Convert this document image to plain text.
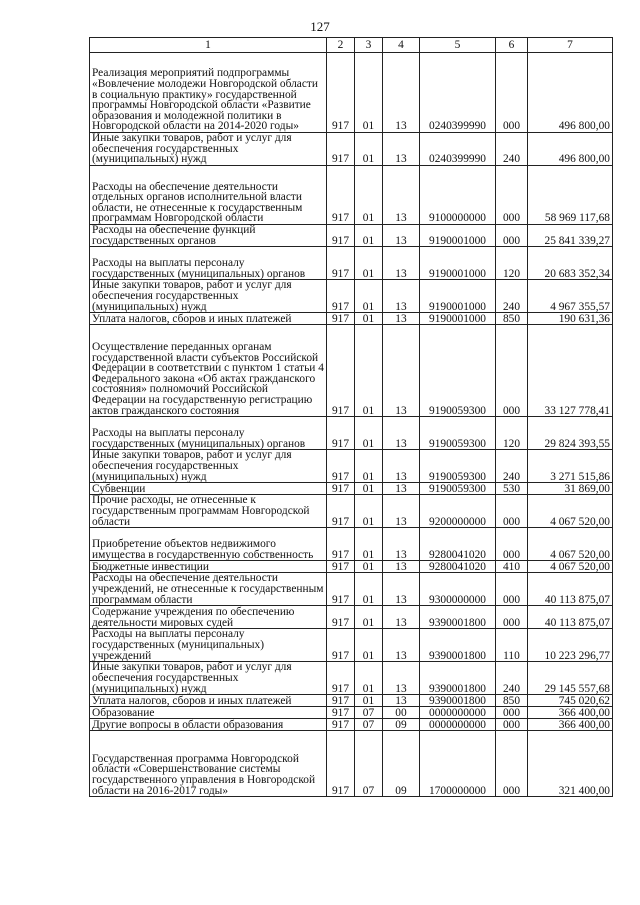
127
1	2	3	4	5	6	7
Реализация мероприятий подпрограммы «Вовлечение молодежи Новгородской области в социальную практику» государственной программы Новгородской области «Развитие образования и молодежной политики в Новгородской области на 2014-2020 годы»	917	01	13	0240399990	000	496 800,00
Иные закупки товаров, работ и услуг для обеспечения государственных (муниципальных) нужд	917	01	13	0240399990	240	496 800,00
Расходы на обеспечение деятельности отдельных органов исполнительной власти области, не отнесенные к государственным программам Новгородской области	917	01	13	9100000000	000	58 969 117,68
Расходы на обеспечение функций государственных органов	917	01	13	9190001000	000	25 841 339,27
Расходы на выплаты персоналу государственных (муниципальных) органов	917	01	13	9190001000	120	20 683 352,34
Иные закупки товаров, работ и услуг для обеспечения государственных (муниципальных) нужд	917	01	13	9190001000	240	4 967 355,57
Уплата налогов, сборов и иных платежей	917	01	13	9190001000	850	190 631,36
Осуществление переданных органам государственной власти субъектов Российской Федерации в соответствии с пунктом 1 статьи 4 Федерального закона «Об актах гражданского состояния» полномочий Российской Федерации на государственную регистрацию актов гражданского состояния	917	01	13	9190059300	000	33 127 778,41
Расходы на выплаты персоналу государственных (муниципальных) органов	917	01	13	9190059300	120	29 824 393,55
Иные закупки товаров, работ и услуг для обеспечения государственных (муниципальных) нужд	917	01	13	9190059300	240	3 271 515,86
Субвенции	917	01	13	9190059300	530	31 869,00
Прочие расходы, не отнесенные к государственным программам Новгородской области	917	01	13	9200000000	000	4 067 520,00
Приобретение объектов недвижимого имущества в государственную собственность	917	01	13	9280041020	000	4 067 520,00
Бюджетные инвестиции	917	01	13	9280041020	410	4 067 520,00
Расходы на обеспечение деятельности учреждений, не отнесенные к государственным программам области	917	01	13	9300000000	000	40 113 875,07
Содержание учреждения по обеспечению деятельности мировых судей	917	01	13	9390001800	000	40 113 875,07
Расходы на выплаты персоналу государственных (муниципальных) учреждений	917	01	13	9390001800	110	10 223 296,77
Иные закупки товаров, работ и услуг для обеспечения государственных (муниципальных) нужд	917	01	13	9390001800	240	29 145 557,68
Уплата налогов, сборов и иных платежей	917	01	13	9390001800	850	745 020,62
Образование	917	07	00	0000000000	000	366 400,00
Другие вопросы в области образования	917	07	09	0000000000	000	366 400,00
Государственная программа Новгородской области «Совершенствование системы государственного управления в Новгородской области на 2016-2017 годы»	917	07	09	1700000000	000	321 400,00
